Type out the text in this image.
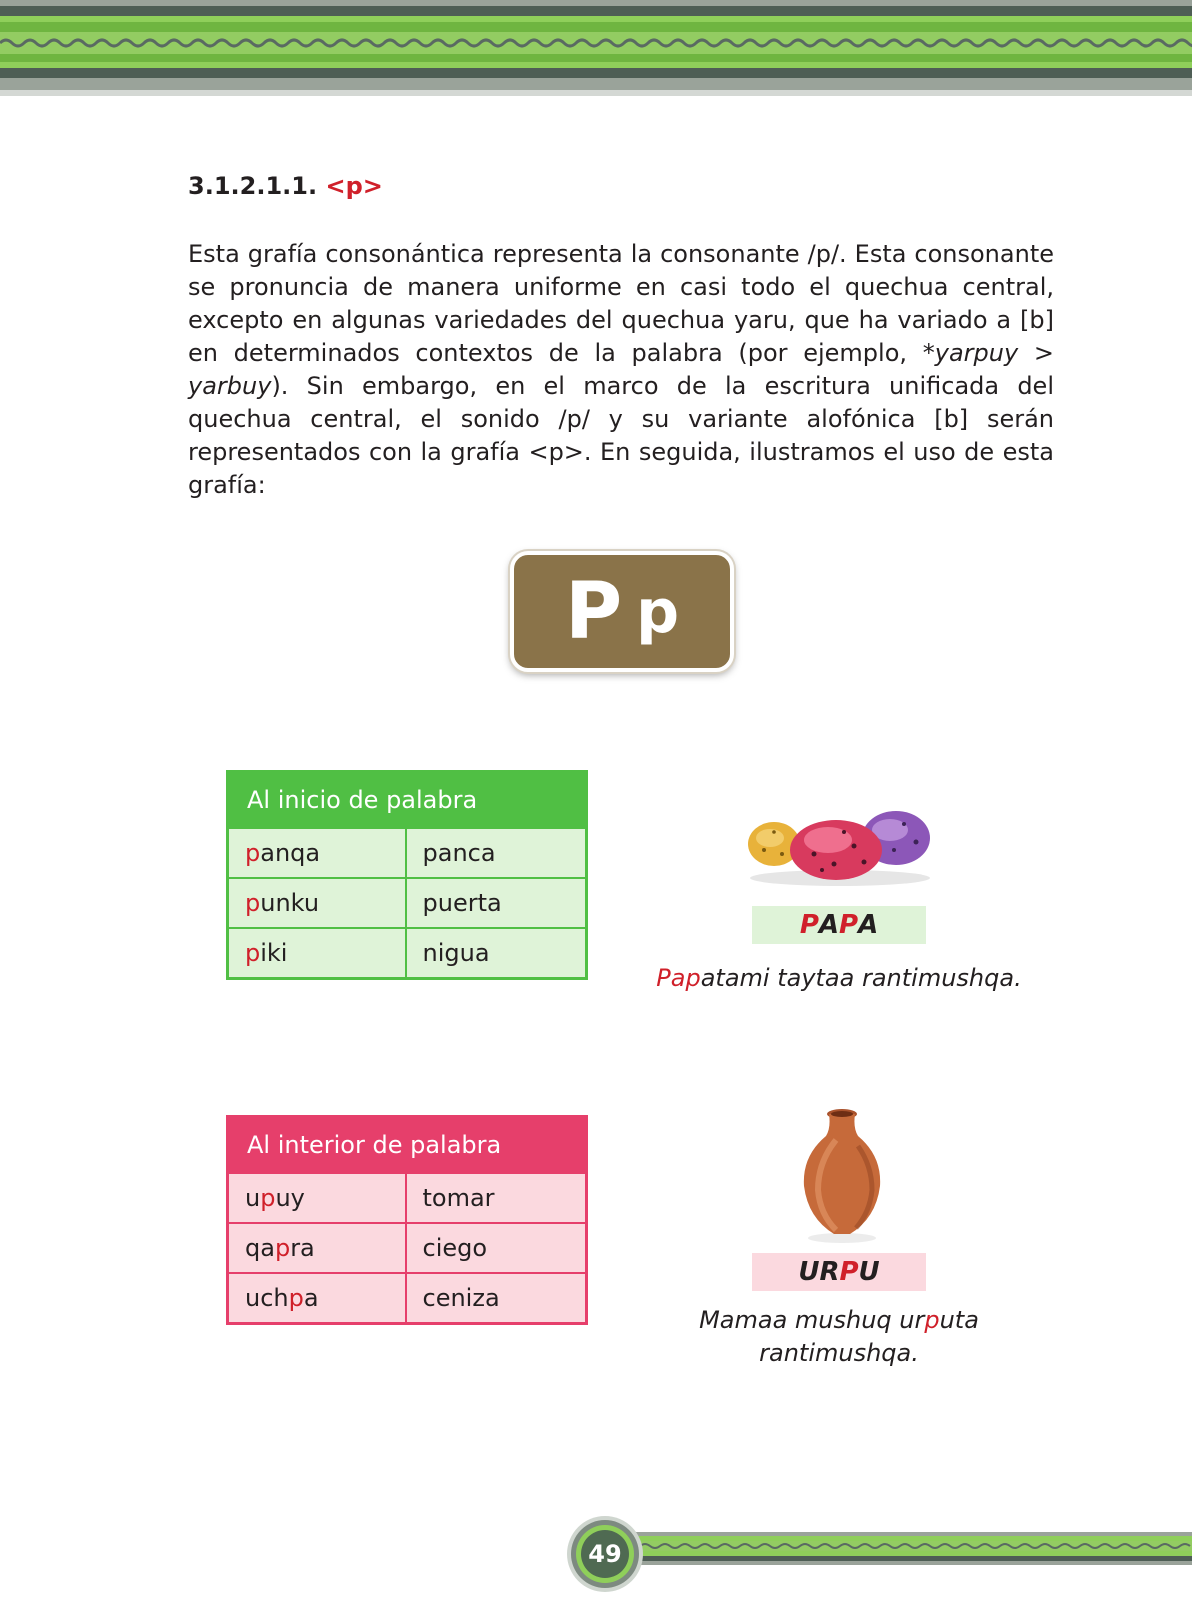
3.1.2.1.1. <p>

Esta grafía consonántica representa la consonante /p/. Esta consonante se pronuncia de manera uniforme en casi todo el quechua central, excepto en algunas variedades del quechua yaru, que ha variado a [b] en determinados contextos de la palabra (por ejemplo, *yarpuy > yarbuy). Sin embargo, en el marco de la escritura unificada del quechua central, el sonido /p/ y su variante alofónica [b] serán representados con la grafía <p>. En seguida, ilustramos el uso de esta grafía:

P p
Al inicio de palabra	
panqa	panca
punku	puerta
piki	nigua
P A P A
Papatami taytaa rantimushqa.
Al interior de palabra	
upuy	tomar
qapra	ciego
uchpa	ceniza
UR P U
Mamaa mushuq urputa rantimushqa.
49
